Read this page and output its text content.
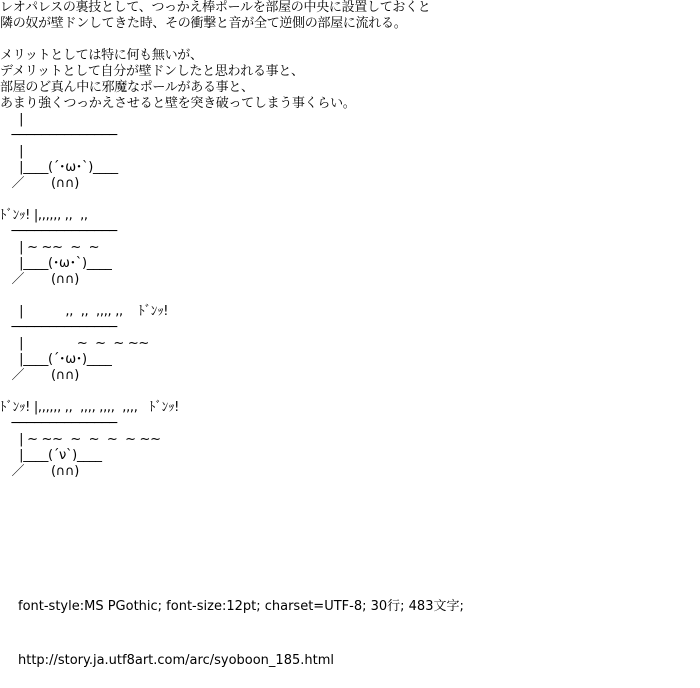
レオパレスの裏技として、つっかえ棒ポールを部屋の中央に設置しておくと
隣の奴が壁ドンしてきた時、その衝撃と音が全て逆側の部屋に流れる。
メリットとしては特に何も無いが、
デメリットとして自分が壁ドンしたと思われる事と、
部屋のど真ん中に邪魔なポールがある事と、
あまり強くつっかえさせると壁を突き破ってしまう事くらい。
|
──────────────
|
|____(´･ω･`)____
／       (∩∩)
ﾄﾞﾝｯ! |,,,,,, ,,  ,,
──────────────
| ~ ~~  ~  ~
|____(･ω･`)____
／       (∩∩)
|           ,,  ,,  ,,,, ,,    ﾄﾞﾝｯ!
──────────────
|              ~  ~  ~ ~~
|____(´･ω･)____
／       (∩∩)
ﾄﾞﾝｯ! |,,,,,, ,,  ,,,, ,,,,  ,,,,   ﾄﾞﾝｯ!
──────────────
| ~ ~~  ~  ~  ~  ~ ~~
|____(´ν`)____
／       (∩∩)

font-style:MS PGothic; font-size:12pt; charset=UTF-8; 30行; 483文字;

http://story.ja.utf8art.com/arc/syoboon_185.html
